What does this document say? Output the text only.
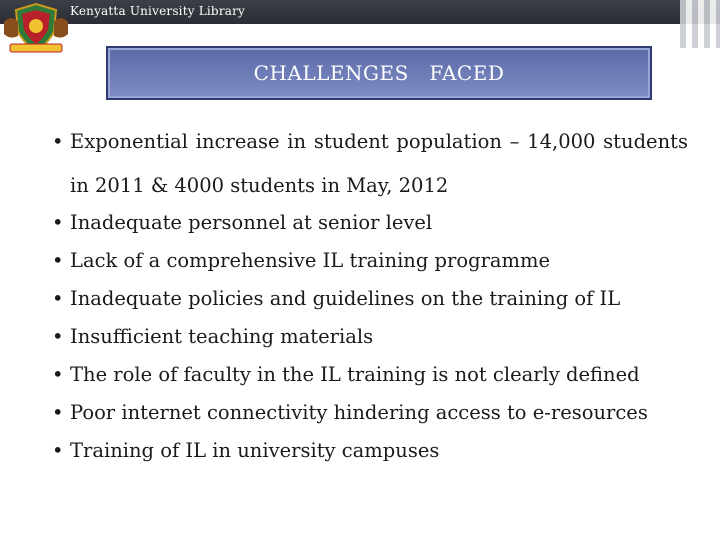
Kenyatta University Library
CHALLENGES   FACED
• Exponential increase in student population – 14,000 students in 2011 & 4000 students in May, 2012
• Inadequate personnel at senior level
• Lack of a comprehensive IL training programme
• Inadequate policies and guidelines on the training of IL
• Insufficient teaching materials
• The role of faculty in the IL training is not clearly defined
• Poor internet connectivity hindering access to e-resources
• Training of IL in university campuses
